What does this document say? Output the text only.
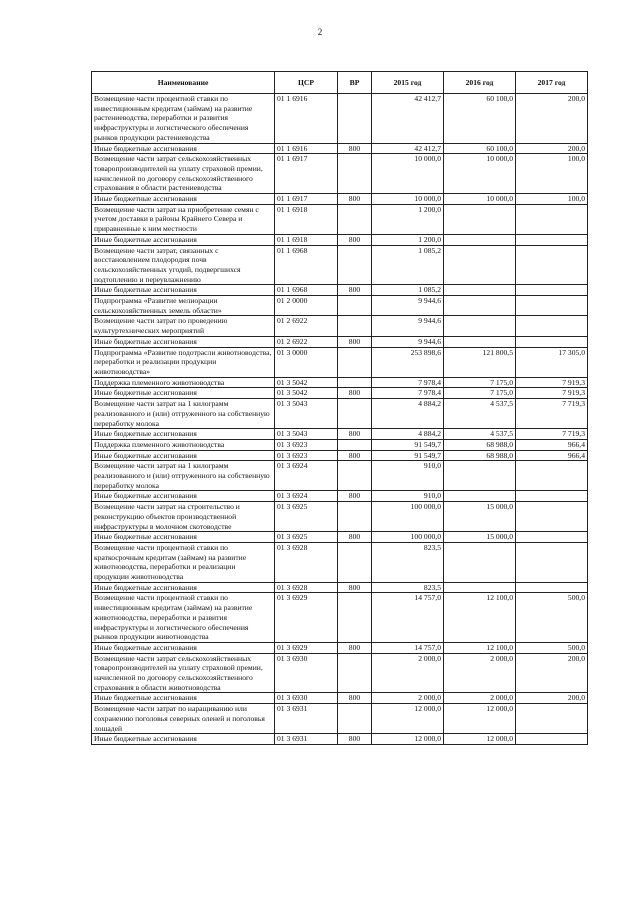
2
Наименование	ЦСР	ВР	2015 год	2016 год	2017 год
Возмещение части процентной ставки по инвестиционным кредитам (займам) на развитие растениеводства, переработки и развития инфраструктуры и логистического обеспечения рынков продукции растениеводства	01 1 6916		42 412,7	60 100,0	200,0
Иные бюджетные ассигнования	01 1 6916	800	42 412,7	60 100,0	200,0
Возмещение части затрат сельскохозяйственных товаропроизводителей на уплату страховой премии, начисленной по договору сельскохозяйственного страхования в области растениеводства	01 1 6917		10 000,0	10 000,0	100,0
Иные бюджетные ассигнования	01 1 6917	800	10 000,0	10 000,0	100,0
Возмещение части затрат на приобретение семян с учетом доставки в районы Крайнего Севера и приравненные к ним местности	01 1 6918		1 200,0		
Иные бюджетные ассигнования	01 1 6918	800	1 200,0		
Возмещение части затрат, связанных с восстановлением плодородия почв сельскохозяйственных угодий, подвергшихся подтоплению и переувлажнению	01 1 6968		1 085,2		
Иные бюджетные ассигнования	01 1 6968	800	1 085,2		
Подпрограмма «Развитие мелиорации сельскохозяйственных земель области»	01 2 0000		9 944,6		
Возмещение части затрат по проведению культуртехнических мероприятий	01 2 6922		9 944,6		
Иные бюджетные ассигнования	01 2 6922	800	9 944,6		
Подпрограмма «Развитие подотрасли животноводства, переработки и реализации продукции животноводства»	01 3 0000		253 898,6	121 800,5	17 305,0
Поддержка племенного животноводства	01 3 5042		7 978,4	7 175,0	7 919,3
Иные бюджетные ассигнования	01 3 5042	800	7 978,4	7 175,0	7 919,3
Возмещение части затрат на 1 килограмм реализованного и (или) отгруженного на собственную переработку молока	01 3 5043		4 884,2	4 537,5	7 719,3
Иные бюджетные ассигнования	01 3 5043	800	4 884,2	4 537,5	7 719,3
Поддержка племенного животноводства	01 3 6923		91 549,7	68 988,0	966,4
Иные бюджетные ассигнования	01 3 6923	800	91 549,7	68 988,0	966,4
Возмещение части затрат на 1 килограмм реализованного и (или) отгруженного на собственную переработку молока	01 3 6924		910,0		
Иные бюджетные ассигнования	01 3 6924	800	910,0		
Возмещение части затрат на строительство и реконструкцию объектов производственной инфраструктуры в молочном скотоводстве	01 3 6925		100 000,0	15 000,0	
Иные бюджетные ассигнования	01 3 6925	800	100 000,0	15 000,0	
Возмещение части процентной ставки по краткосрочным кредитам (займам) на развитие животноводства, переработки и реализации продукции животноводства	01 3 6928		823,5		
Иные бюджетные ассигнования	01 3 6928	800	823,5		
Возмещение части процентной ставки по инвестиционным кредитам (займам) на развитие животноводства, переработки и развития инфраструктуры и логистического обеспечения рынков продукции животноводства	01 3 6929		14 757,0	12 100,0	500,0
Иные бюджетные ассигнования	01 3 6929	800	14 757,0	12 100,0	500,0
Возмещение части затрат сельскохозяйственных товаропроизводителей на уплату страховой премии, начисленной по договору сельскохозяйственного страхования в области животноводства	01 3 6930		2 000,0	2 000,0	200,0
Иные бюджетные ассигнования	01 3 6930	800	2 000,0	2 000,0	200,0
Возмещение части затрат по наращиванию или сохранению поголовья северных оленей и поголовья лошадей	01 3 6931		12 000,0	12 000,0	
Иные бюджетные ассигнования	01 3 6931	800	12 000,0	12 000,0	
